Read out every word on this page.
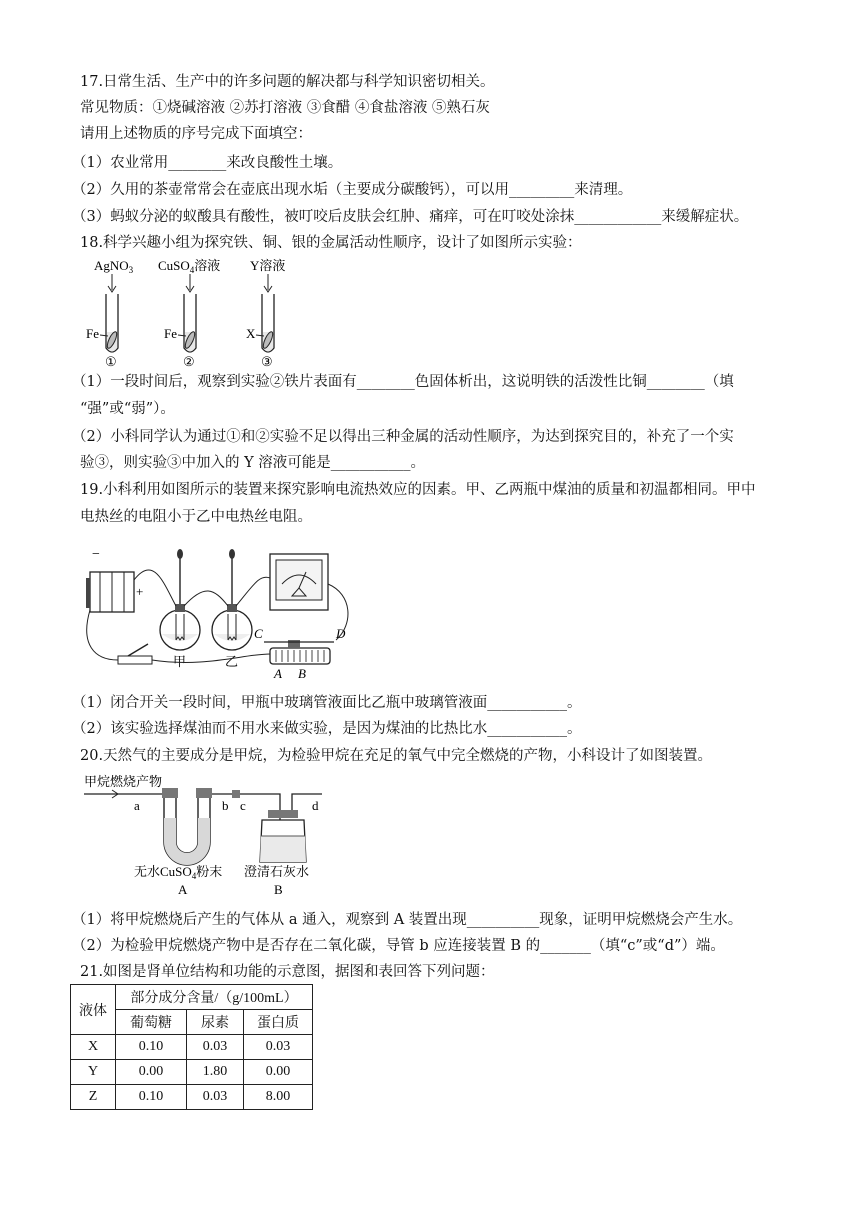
17.日常生活、生产中的许多问题的解决都与科学知识密切相关。
常见物质：①烧碱溶液 ②苏打溶液 ③食醋 ④食盐溶液 ⑤熟石灰
请用上述物质的序号完成下面填空：
（1）农业常用________来改良酸性土壤。
（2）久用的茶壶常常会在壶底出现水垢（主要成分碳酸钙），可以用_________来清理。
（3）蚂蚁分泌的蚁酸具有酸性，被叮咬后皮肤会红肿、痛痒，可在叮咬处涂抹____________来缓解症状。
18.科学兴趣小组为探究铁、铜、银的金属活动性顺序，设计了如图所示实验：
AgNO$_3$
Fe
①
CuSO$_4$溶液
Fe
②
Y溶液
X
③
（1）一段时间后，观察到实验②铁片表面有________色固体析出，这说明铁的活泼性比铜________（填
“强”或“弱”）。
（2）小科同学认为通过①和②实验不足以得出三种金属的活动性顺序，为达到探究目的，补充了一个实
验③，则实验③中加入的 Y 溶液可能是___________。
19.小科利用如图所示的装置来探究影响电流热效应的因素。甲、乙两瓶中煤油的质量和初温都相同。甲中
电热丝的电阻小于乙中电热丝电阻。
−
+
甲	乙
C	D
A B
（1）闭合开关一段时间，甲瓶中玻璃管液面比乙瓶中玻璃管液面___________。
（2）该实验选择煤油而不用水来做实验，是因为煤油的比热比水___________。
20.天然气的主要成分是甲烷，为检验甲烷在充足的氧气中完全燃烧的产物，小科设计了如图装置。
甲烷燃烧产物
a	b c	d
无水CuSO$_4$粉末 澄清石灰水
A	B
（1）将甲烷燃烧后产生的气体从 a 通入，观察到 A 装置出现__________现象，证明甲烷燃烧会产生水。
（2）为检验甲烷燃烧产物中是否存在二氧化碳，导管 b 应连接装置 B 的_______（填“c”或“d”）端。
21.如图是肾单位结构和功能的示意图，据图和表回答下列问题：
液体	部分成分含量/（g/100mL）		
	葡萄糖	尿素	蛋白质
X	0.10	0.03	0.03
Y	0.00	1.80	0.00
Z	0.10	0.03	8.00
